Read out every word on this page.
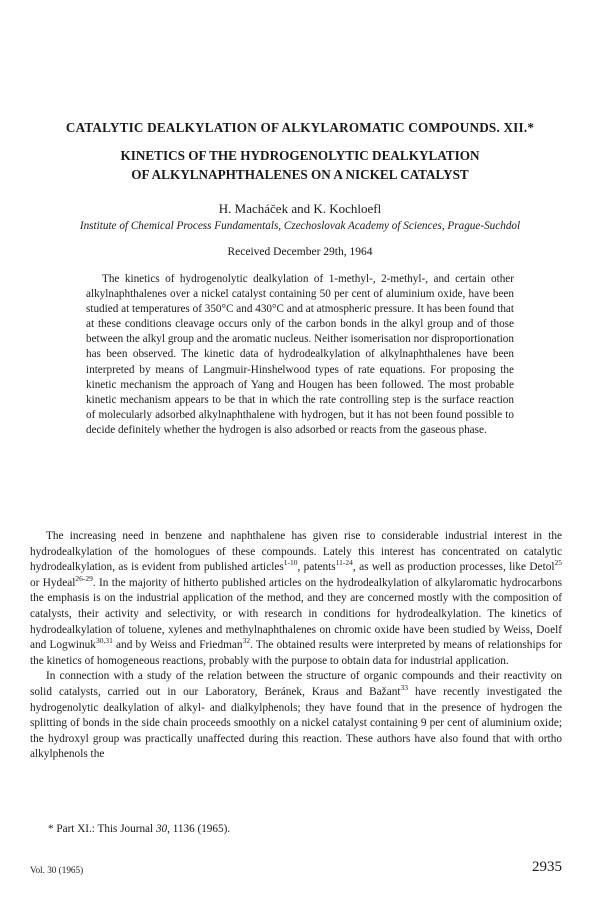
CATALYTIC DEALKYLATION OF ALKYLAROMATIC COMPOUNDS. XII.*
KINETICS OF THE HYDROGENOLYTIC DEALKYLATION
OF ALKYLNAPHTHALENES ON A NICKEL CATALYST
H. Macháček and K. Kochloefl
Institute of Chemical Process Fundamentals, Czechoslovak Academy of Sciences, Prague-Suchdol
Received December 29th, 1964

The kinetics of hydrogenolytic dealkylation of 1-methyl-, 2-methyl-, and certain other alkylnaphthalenes over a nickel catalyst containing 50 per cent of aluminium oxide, have been studied at temperatures of 350°C and 430°C and at atmospheric pressure. It has been found that at these conditions cleavage occurs only of the carbon bonds in the alkyl group and of those between the alkyl group and the aromatic nucleus. Neither isomerisation nor disproportionation has been observed. The kinetic data of hydrodealkylation of alkylnaphthalenes have been interpreted by means of Langmuir-Hinshelwood types of rate equations. For proposing the kinetic mechanism the approach of Yang and Hougen has been followed. The most probable kinetic mechanism appears to be that in which the rate controlling step is the surface reaction of molecularly adsorbed alkylnaphthalene with hydrogen, but it has not been found possible to decide definitely whether the hydrogen is also adsorbed or reacts from the gaseous phase.

The increasing need in benzene and naphthalene has given rise to considerable industrial interest in the hydrodealkylation of the homologues of these compounds. Lately this interest has concentrated on catalytic hydrodealkylation, as is evident from published articles$^{1-10}$, patents$^{11-24}$, as well as production processes, like Detol$^{25}$ or Hydeal$^{26-29}$. In the majority of hitherto published articles on the hydrodealkylation of alkylaromatic hydrocarbons the emphasis is on the industrial application of the method, and they are concerned mostly with the composition of catalysts, their activity and selectivity, or with research in conditions for hydrodealkylation. The kinetics of hydrodealkylation of toluene, xylenes and methylnaphthalenes on chromic oxide have been studied by Weiss, Doelf and Logwinuk$^{30,31}$ and by Weiss and Friedman$^{32}$. The obtained results were interpreted by means of relationships for the kinetics of homogeneous reactions, probably with the purpose to obtain data for industrial application.

In connection with a study of the relation between the structure of organic compounds and their reactivity on solid catalysts, carried out in our Laboratory, Beránek, Kraus and Bažant$^{33}$ have recently investigated the hydrogenolytic dealkylation of alkyl- and dialkylphenols; they have found that in the presence of hydrogen the splitting of bonds in the side chain proceeds smoothly on a nickel catalyst containing 9 per cent of aluminium oxide; the hydroxyl group was practically unaffected during this reaction. These authors have also found that with ortho alkylphenols the

* Part XI.: This Journal 30, 1136 (1965).
Vol. 30 (1965)	2935
